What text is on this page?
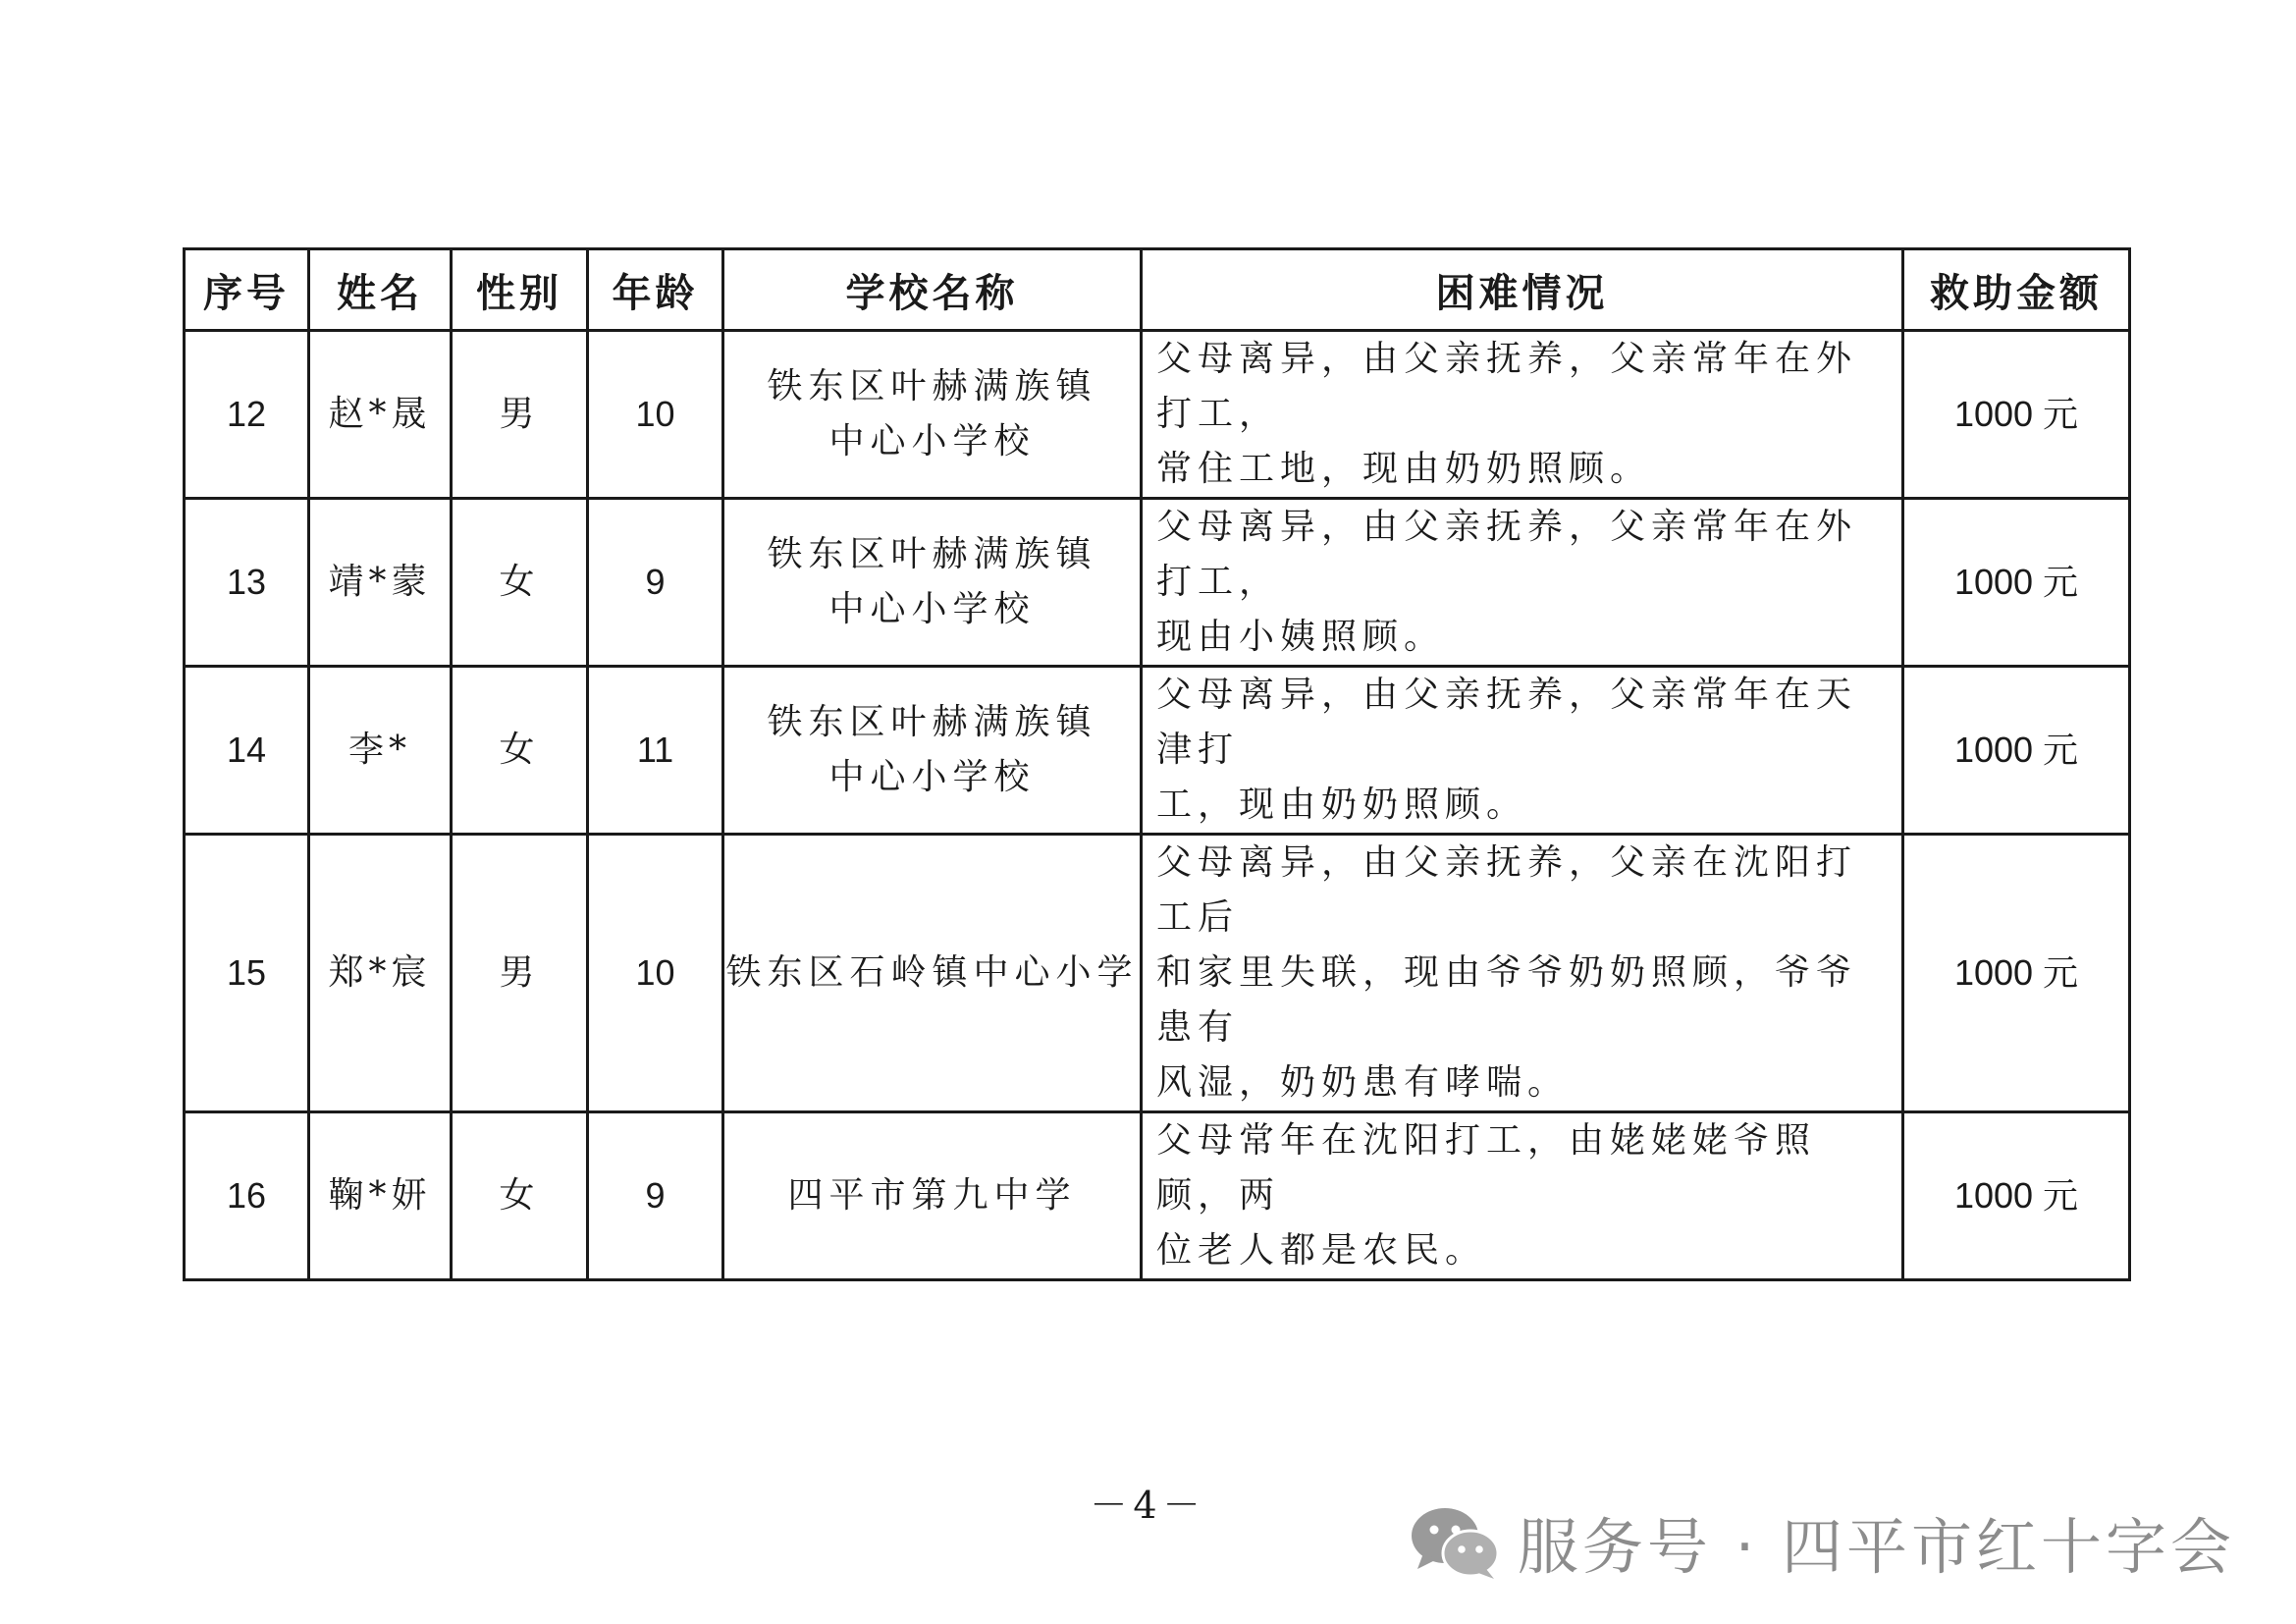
序号	姓名	性别	年龄	学校名称	困难情况	救助金额
12	赵*晟	男	10	铁东区叶赫满族镇
中心小学校	父母离异，由父亲抚养，父亲常年在外打工，
常住工地，现由奶奶照顾。	1000 元
13	靖*蒙	女	9	铁东区叶赫满族镇
中心小学校	父母离异，由父亲抚养，父亲常年在外打工，
现由小姨照顾。	1000 元
14	李*	女	11	铁东区叶赫满族镇
中心小学校	父母离异，由父亲抚养，父亲常年在天津打
工，现由奶奶照顾。	1000 元
15	郑*宸	男	10	铁东区石岭镇中心小学	父母离异，由父亲抚养，父亲在沈阳打工后
和家里失联，现由爷爷奶奶照顾，爷爷患有
风湿，奶奶患有哮喘。	1000 元
16	鞠*妍	女	9	四平市第九中学	父母常年在沈阳打工，由姥姥姥爷照顾，两
位老人都是农民。	1000 元
－4－
服务号 · 四平市红十字会
